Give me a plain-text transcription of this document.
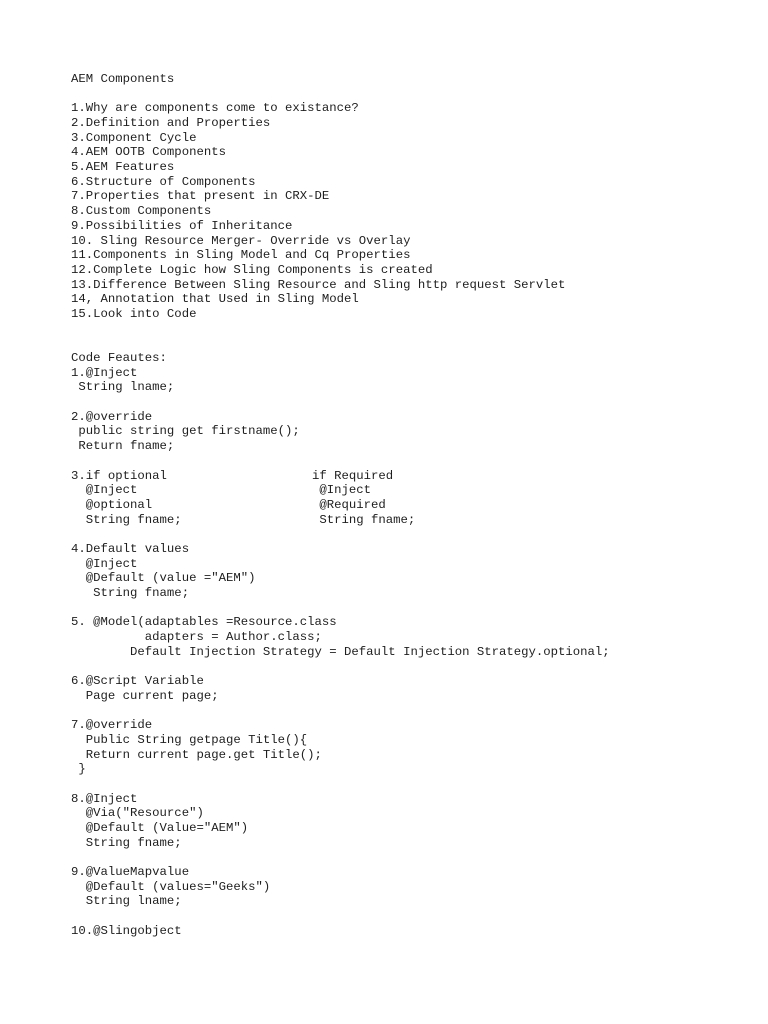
AEM Components
1.Why are components come to existance?
2.Definition and Properties
3.Component Cycle
4.AEM OOTB Components
5.AEM Features
6.Structure of Components
7.Properties that present in CRX-DE
8.Custom Components
9.Possibilities of Inheritance
10. Sling Resource Merger- Override vs Overlay
11.Components in Sling Model and Cq Properties
12.Complete Logic how Sling Components is created
13.Difference Between Sling Resource and Sling http request Servlet
14, Annotation that Used in Sling Model
15.Look into Code
Code Feautes:
1.@Inject
String lname;
2.@override
public string get firstname();
Return fname;
3.if optional
@Inject
@optional
String fname;
if Required
@Inject
@Required
String fname;
4.Default values
@Inject
@Default (value ="AEM")
String fname;
5. @Model(adaptables =Resource.class
adapters = Author.class;
Default Injection Strategy = Default Injection Strategy.optional;
6.@Script Variable
Page current page;
7.@override
Public String getpage Title(){
Return current page.get Title();
}
8.@Inject
@Via("Resource")
@Default (Value="AEM")
String fname;
9.@ValueMapvalue
@Default (values="Geeks")
String lname;
10.@Slingobject
